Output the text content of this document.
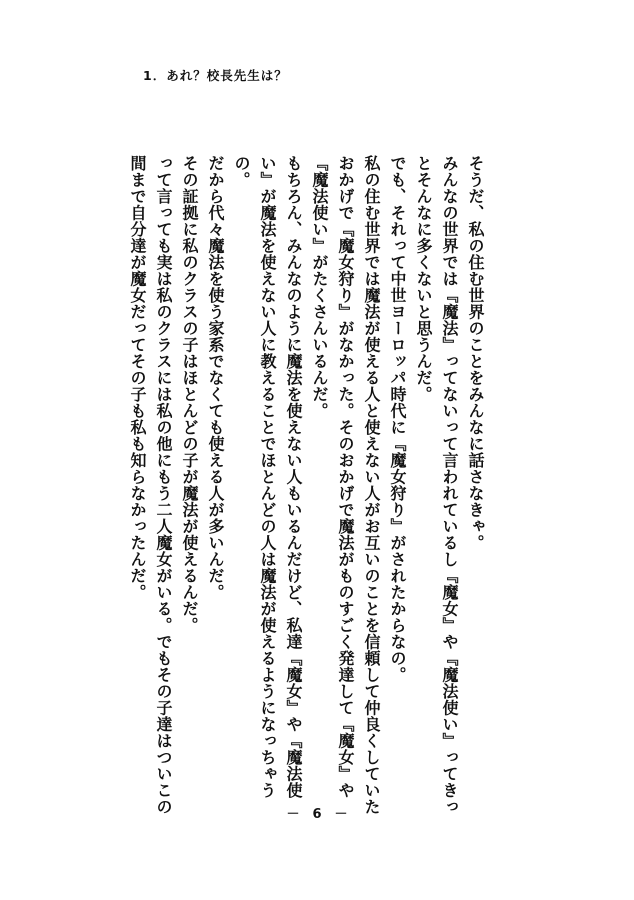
1．あれ？校長先生は？

そうだ、私の住む世界のことをみんなに話さなきゃ。

みんなの世界では『魔法』ってないって言われているし『魔女』や『魔法使い』ってきっとそんなに多くないと思うんだ。

でも、それって中世ヨーロッパ時代に『魔女狩り』がされたからなの。

私の住む世界では魔法が使える人と使えない人がお互いのことを信頼して仲良くしていたおかげで『魔女狩り』がなかった。そのおかげで魔法がものすごく発達して『魔女』や『魔法使い』がたくさんいるんだ。

もちろん、みんなのように魔法を使えない人もいるんだけど、私達『魔女』や『魔法使い』が魔法を使えない人に教えることでほとんどの人は魔法が使えるようになっちゃうの。

だから代々魔法を使う家系でなくても使える人が多いんだ。

その証拠に私のクラスの子はほとんどの子が魔法が使えるんだ。

って言っても実は私のクラスには私の他にもう二人魔女がいる。でもその子達はついこの間まで自分達が魔女だってその子も私も知らなかったんだ。

－　6　－
